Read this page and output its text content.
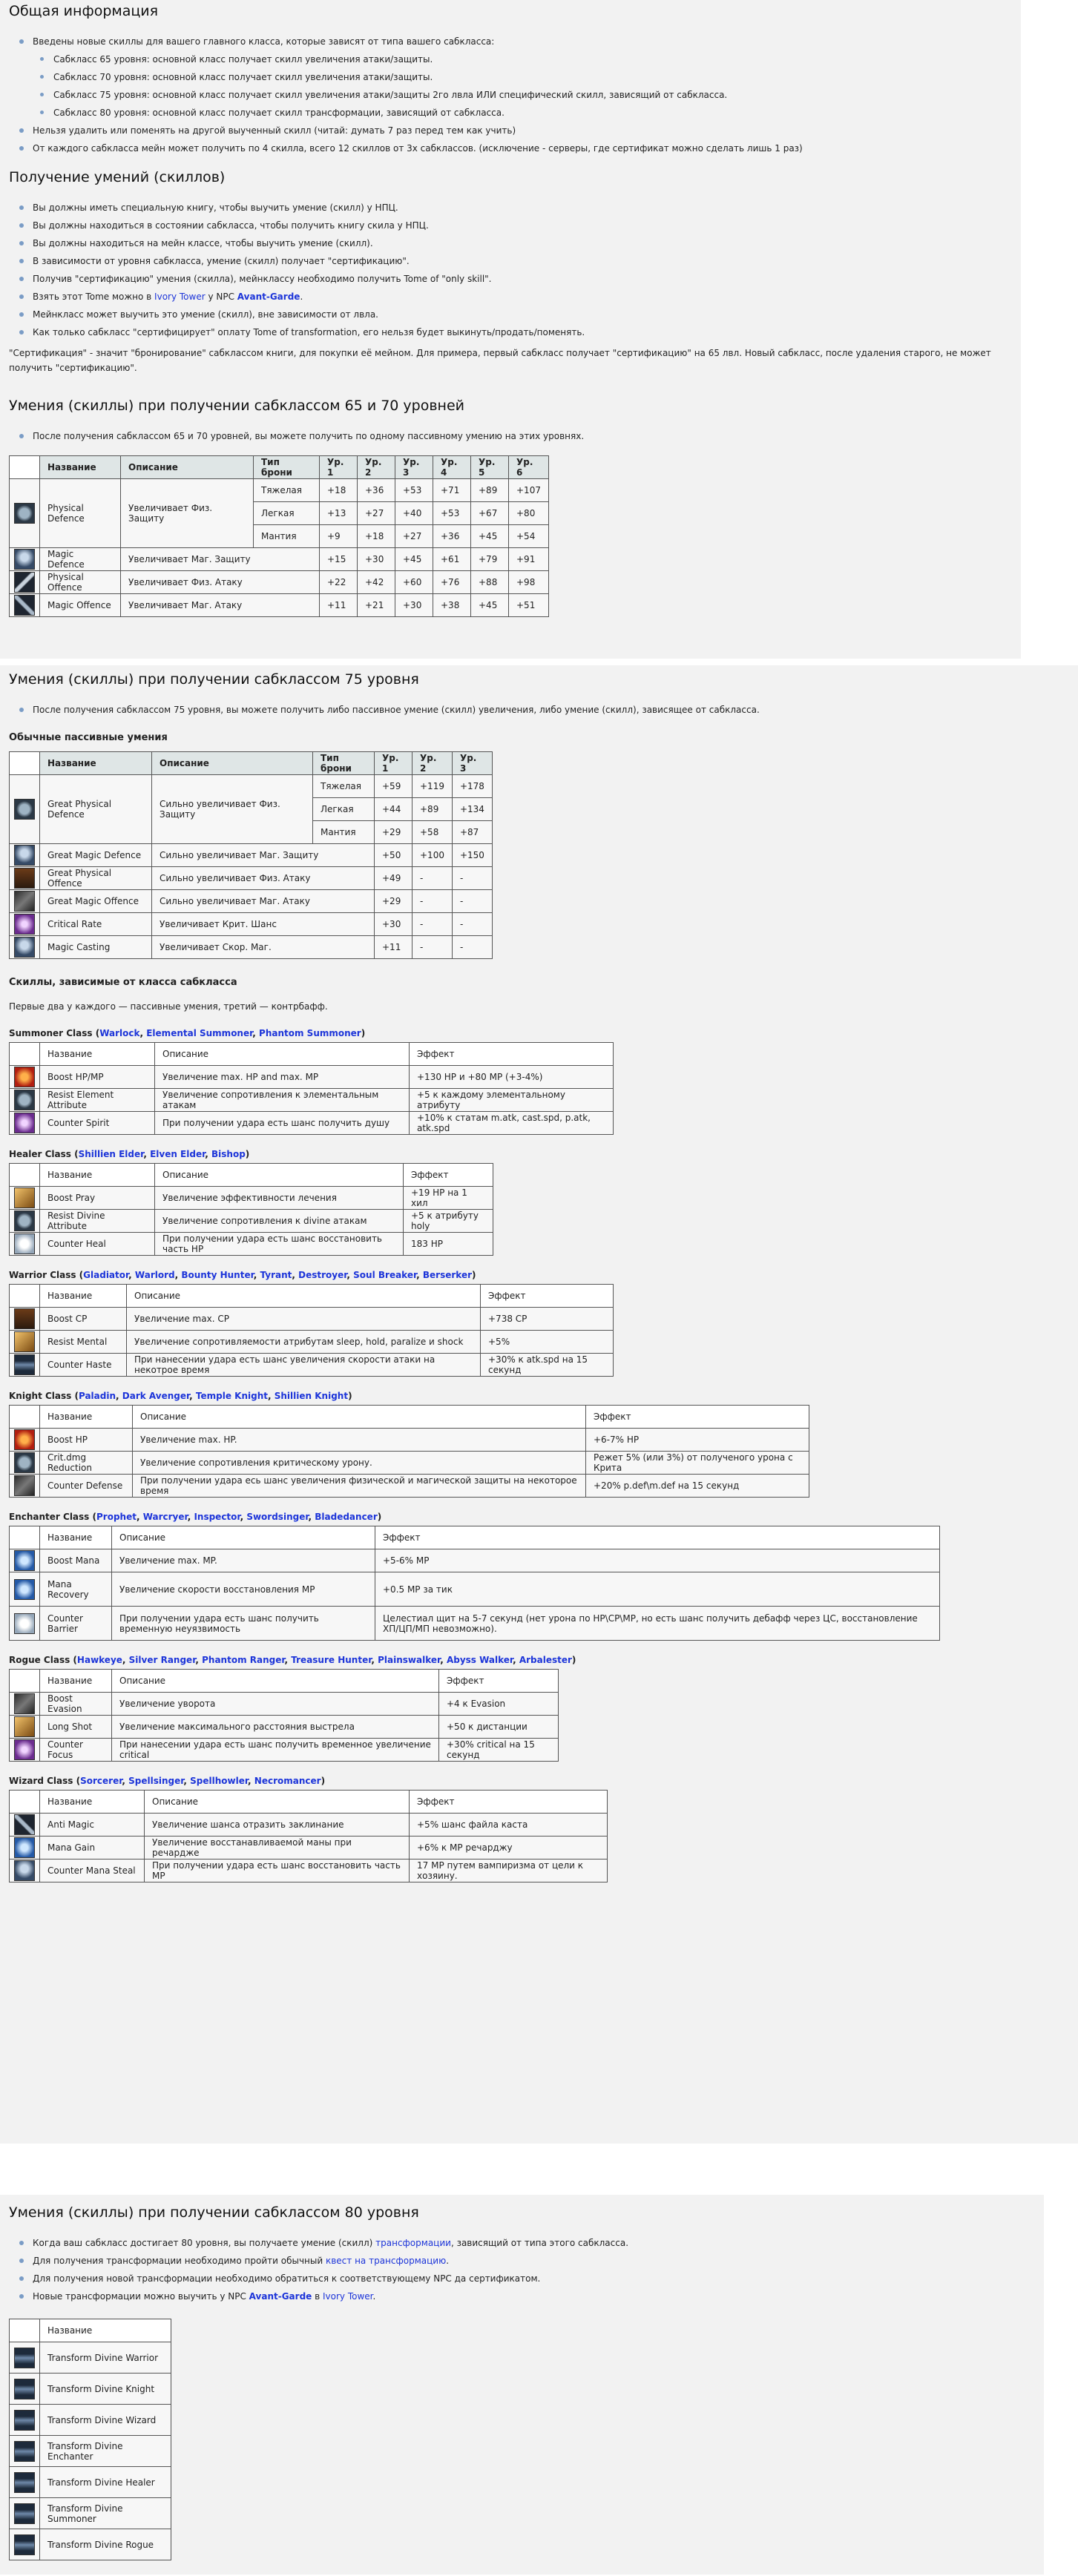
Общая информация
Введены новые скиллы для вашего главного класса, которые зависят от типа вашего сабкласса:
Сабкласс 65 уровня: основной класс получает скилл увеличения атаки/защиты.
Сабкласс 70 уровня: основной класс получает скилл увеличения атаки/защиты.
Сабкласс 75 уровня: основной класс получает скилл увеличения атаки/защиты 2го лвла ИЛИ специфический скилл, зависящий от сабкласса.
Сабкласс 80 уровня: основной класс получает скилл трансформации, зависящий от сабкласса.
Нельзя удалить или поменять на другой выученный скилл (читай: думать 7 раз перед тем как учить)
От каждого сабкласса мейн может получить по 4 скилла, всего 12 скиллов от 3х сабклассов. (исключение - серверы, где сертификат можно сделать лишь 1 раз)
Получение умений (скиллов)
Вы должны иметь специальную книгу, чтобы выучить умение (скилл) у НПЦ.
Вы должны находиться в состоянии сабкласса, чтобы получить книгу скила у НПЦ.
Вы должны находиться на мейн классе, чтобы выучить умение (скилл).
В зависимости от уровня сабкласса, умение (скилл) получает "сертификацию".
Получив "сертификацию" умения (скилла), мейнклассу необходимо получить Tome of "only skill".
Взять этот Tome можно в Ivory Tower у NPC Avant-Garde.
Мейнкласс может выучить это умение (скилл), вне зависимости от лвла.
Как только сабкласс "сертифицирует" оплату Tome of transformation, его нельзя будет выкинуть/продать/поменять.

"Сертификация" - значит "бронирование" сабклассом книги, для покупки её мейном. Для примера, первый сабкласс получает "сертификацию" на 65 лвл. Новый сабкласс, после удаления старого, не может получить "сертификацию".

Умения (скиллы) при получении сабклассом 65 и 70 уровней
После получения сабклассом 65 и 70 уровней, вы можете получить по одному пассивному умению на этих уровнях.
	Название	Описание	Тип брони	Ур. 1	Ур. 2	Ур. 3	Ур. 4	Ур. 5	Ур. 6
	Physical Defence	Увеличивает Физ. Защиту	Тяжелая	+18	+36	+53	+71	+89	+107
			Легкая	+13	+27	+40	+53	+67	+80
			Мантия	+9	+18	+27	+36	+45	+54
	Magic Defence	Увеличивает Маг. Защиту		+15	+30	+45	+61	+79	+91
	Physical Offence	Увеличивает Физ. Атаку		+22	+42	+60	+76	+88	+98
	Magic Offence	Увеличивает Маг. Атаку		+11	+21	+30	+38	+45	+51
Умения (скиллы) при получении сабклассом 75 уровня
После получения сабклассом 75 уровня, вы можете получить либо пассивное умение (скилл) увеличения, либо умение (скилл), зависящее от сабкласса.

Обычные пассивные умения

	Название	Описание	Тип брони	Ур. 1	Ур. 2	Ур. 3
	Great Physical Defence	Сильно увеличивает Физ. Защиту	Тяжелая	+59	+119	+178
			Легкая	+44	+89	+134
			Мантия	+29	+58	+87
	Great Magic Defence	Сильно увеличивает Маг. Защиту		+50	+100	+150
	Great Physical Offence	Сильно увеличивает Физ. Атаку		+49	-	-
	Great Magic Offence	Сильно увеличивает Маг. Атаку		+29	-	-
	Critical Rate	Увеличивает Крит. Шанс		+30	-	-
	Magic Casting	Увеличивает Скор. Маг.		+11	-	-

Скиллы, зависимые от класса сабкласса

Первые два у каждого — пассивные умения, третий — контрбафф.

Summoner Class (Warlock, Elemental Summoner, Phantom Summoner)

	Название	Описание	Эффект
	Boost HP/MP	Увеличение max. HP and max. MP	+130 HP и +80 MP (+3-4%)
	Resist Element Attribute	Увеличение сопротивления к элементальным атакам	+5 к каждому элементальному атрибуту
	Counter Spirit	При получении удара есть шанс получить душу	+10% к статам m.atk, cast.spd, p.atk, atk.spd

Healer Class (Shillien Elder, Elven Elder, Bishop)

	Название	Описание	Эффект
	Boost Pray	Увеличение эффективности лечения	+19 HP на 1 хил
	Resist Divine Attribute	Увеличение сопротивления к divine атакам	+5 к атрибуту holy
	Counter Heal	При получении удара есть шанс восстановить часть HP	183 HP

Warrior Class (Gladiator, Warlord, Bounty Hunter, Tyrant, Destroyer, Soul Breaker, Berserker)

	Название	Описание	Эффект
	Boost CP	Увеличение max. CP	+738 CP
	Resist Mental	Увеличение сопротивляемости атрибутам sleep, hold, paralize и shock	+5%
	Counter Haste	При нанесении удара есть шанс увеличения скорости атаки на некотрое время	+30% к atk.spd на 15 секунд

Knight Class (Paladin, Dark Avenger, Temple Knight, Shillien Knight)

	Название	Описание	Эффект
	Boost HP	Увеличение max. HP.	+6-7% HP
	Crit.dmg Reduction	Увеличение сопротивления критическому урону.	Режет 5% (или 3%) от полученого урона с Крита
	Counter Defense	При получении удара есь шанс увеличения физической и магической защиты на некоторое время	+20% p.def\m.def на 15 секунд

Enchanter Class (Prophet, Warcryer, Inspector, Swordsinger, Bladedancer)

	Название	Описание	Эффект
	Boost Mana	Увеличение max. MP.	+5-6% MP
	Mana Recovery	Увеличение скорости восстановления MP	+0.5 MP за тик
	Counter Barrier	При получении удара есть шанс получить временную неуязвимость	Целестиал щит на 5-7 секунд (нет урона по HP\CP\MP, но есть шанс получить дебафф через ЦС, восстановление ХП/ЦП/МП невозможно).

Rogue Class (Hawkeye, Silver Ranger, Phantom Ranger, Treasure Hunter, Plainswalker, Abyss Walker, Arbalester)

	Название	Описание	Эффект
	Boost Evasion	Увеличение уворота	+4 к Evasion
	Long Shot	Увеличение максимального расстояния выстрела	+50 к дистанции
	Counter Focus	При нанесении удара есть шанс получить временное увеличение critical	+30% critical на 15 секунд

Wizard Class (Sorcerer, Spellsinger, Spellhowler, Necromancer)

	Название	Описание	Эффект
	Anti Magic	Увеличение шанса отразить заклинание	+5% шанс файла каста
	Mana Gain	Увеличение восстанавливаемой маны при речардже	+6% к MP речарджу
	Counter Mana Steal	При получении удара есть шанс восстановить часть MP	17 MP путем вампиризма от цели к хозяину.
Умения (скиллы) при получении сабклассом 80 уровня
Когда ваш сабкласс достигает 80 уровня, вы получаете умение (скилл) трансформации, зависящий от типа этого сабкласса.
Для получения трансформации необходимо пройти обычный квест на трансформацию.
Для получения новой трансформации необходимо обратиться к соответствующему NPC да сертификатом.
Новые трансформации можно выучить у NPC Avant-Garde в Ivory Tower.
	Название
	Transform Divine Warrior
	Transform Divine Knight
	Transform Divine Wizard
	Transform Divine Enchanter
	Transform Divine Healer
	Transform Divine Summoner
	Transform Divine Rogue
